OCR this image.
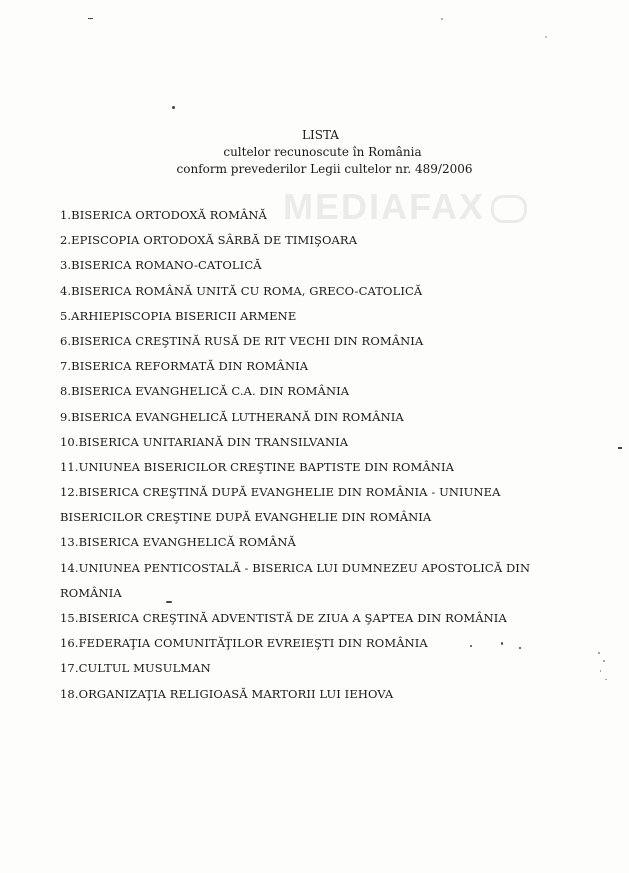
MEDIAFAX
LISTA
cultelor recunoscute în România
conform prevederilor Legii cultelor nr. 489/2006
1.BISERICA ORTODOXĂ ROMÂNĂ
2.EPISCOPIA ORTODOXĂ SÂRBĂ DE TIMIŞOARA
3.BISERICA ROMANO-CATOLICĂ
4.BISERICA ROMÂNĂ UNITĂ CU ROMA, GRECO-CATOLICĂ
5.ARHIEPISCOPIA BISERICII ARMENE
6.BISERICA CREŞTINĂ RUSĂ DE RIT VECHI DIN ROMÂNIA
7.BISERICA REFORMATĂ DIN ROMÂNIA
8.BISERICA EVANGHELICĂ C.A. DIN ROMÂNIA
9.BISERICA EVANGHELICĂ LUTHERANĂ DIN ROMÂNIA
10.BISERICA UNITARIANĂ DIN TRANSILVANIA
11.UNIUNEA BISERICILOR CREŞTINE BAPTISTE DIN ROMÂNIA
12.BISERICA CREŞTINĂ DUPĂ EVANGHELIE DIN ROMÂNIA - UNIUNEA
BISERICILOR CREŞTINE DUPĂ EVANGHELIE DIN ROMÂNIA
13.BISERICA EVANGHELICĂ ROMÂNĂ
14.UNIUNEA PENTICOSTALĂ - BISERICA LUI DUMNEZEU APOSTOLICĂ DIN
ROMÂNIA
15.BISERICA CREŞTINĂ ADVENTISTĂ DE ZIUA A ŞAPTEA DIN ROMÂNIA
16.FEDERAŢIA COMUNITĂŢILOR EVREIEŞTI DIN ROMÂNIA
17.CULTUL MUSULMAN
18.ORGANIZAŢIA RELIGIOASĂ MARTORII LUI IEHOVA
